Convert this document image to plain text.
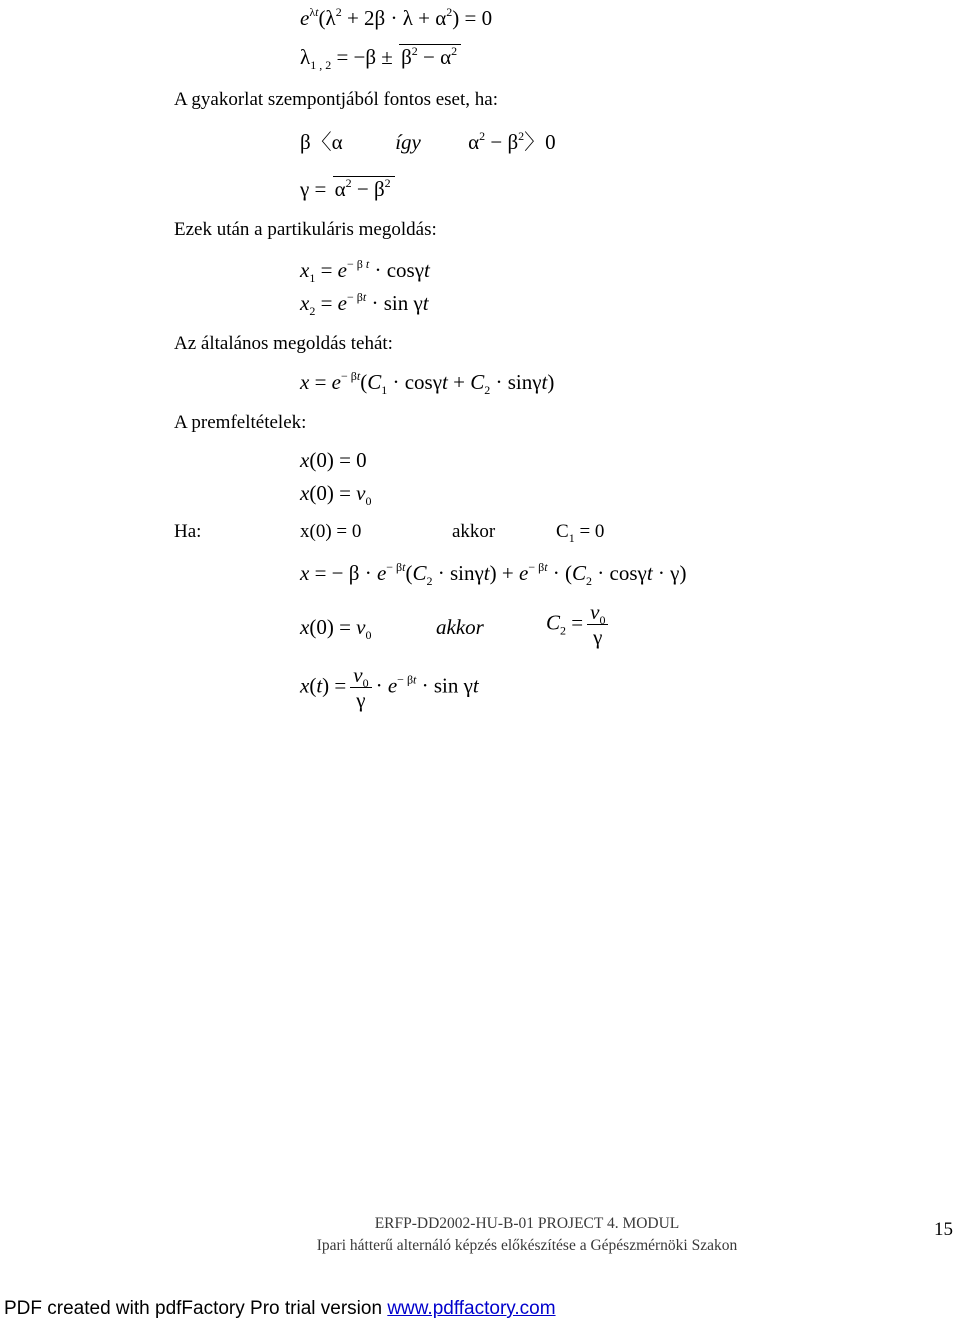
$e^{\lambda t}(\lambda^2 + 2\beta \cdot \lambda + \alpha^2) = 0$
$\lambda_{1 , 2} = -\beta \pm \beta^2 - \alpha^2$
A gyakorlat szempontjából fontos eset, ha:
β〈α          így         $\alpha^2 - \beta^2$〉0
$\gamma = \alpha^2 - \beta^2$
Ezek után a partikuláris megoldás:
$x_1 = e^{- \beta t} \cdot \cos\gamma t$
$x_2 = e^{- \beta t} \cdot \sin \gamma t$
Az általános megoldás tehát:
$x = e^{- \beta t}(C_1 \cdot \cos\gamma t + C_2 \cdot \sin\gamma t)$
A premfeltételek:
x(0) = 0
$x(0) = v_0$
Ha:	x(0) = 0	akkor	$C_1 = 0$
x = − $\beta \cdot e^{- \beta t}(C_2 \cdot \sin\gamma t) + e^{- \beta t} \cdot (C_2 \cdot \cos\gamma t \cdot \gamma)$
$x(0) = v_0$	akkor	$C_2 = \frac{v_0}{\gamma}$
$x(t) = \frac{v_0}{\gamma} \cdot e^{- \beta t} \cdot \sin \gamma t$
ERFP-DD2002-HU-B-01 PROJECT 4. MODUL
Ipari hátterű alternáló képzés előkészítése a Gépészmérnöki Szakon
15
PDF created with pdfFactory Pro trial version www.pdffactory.com
